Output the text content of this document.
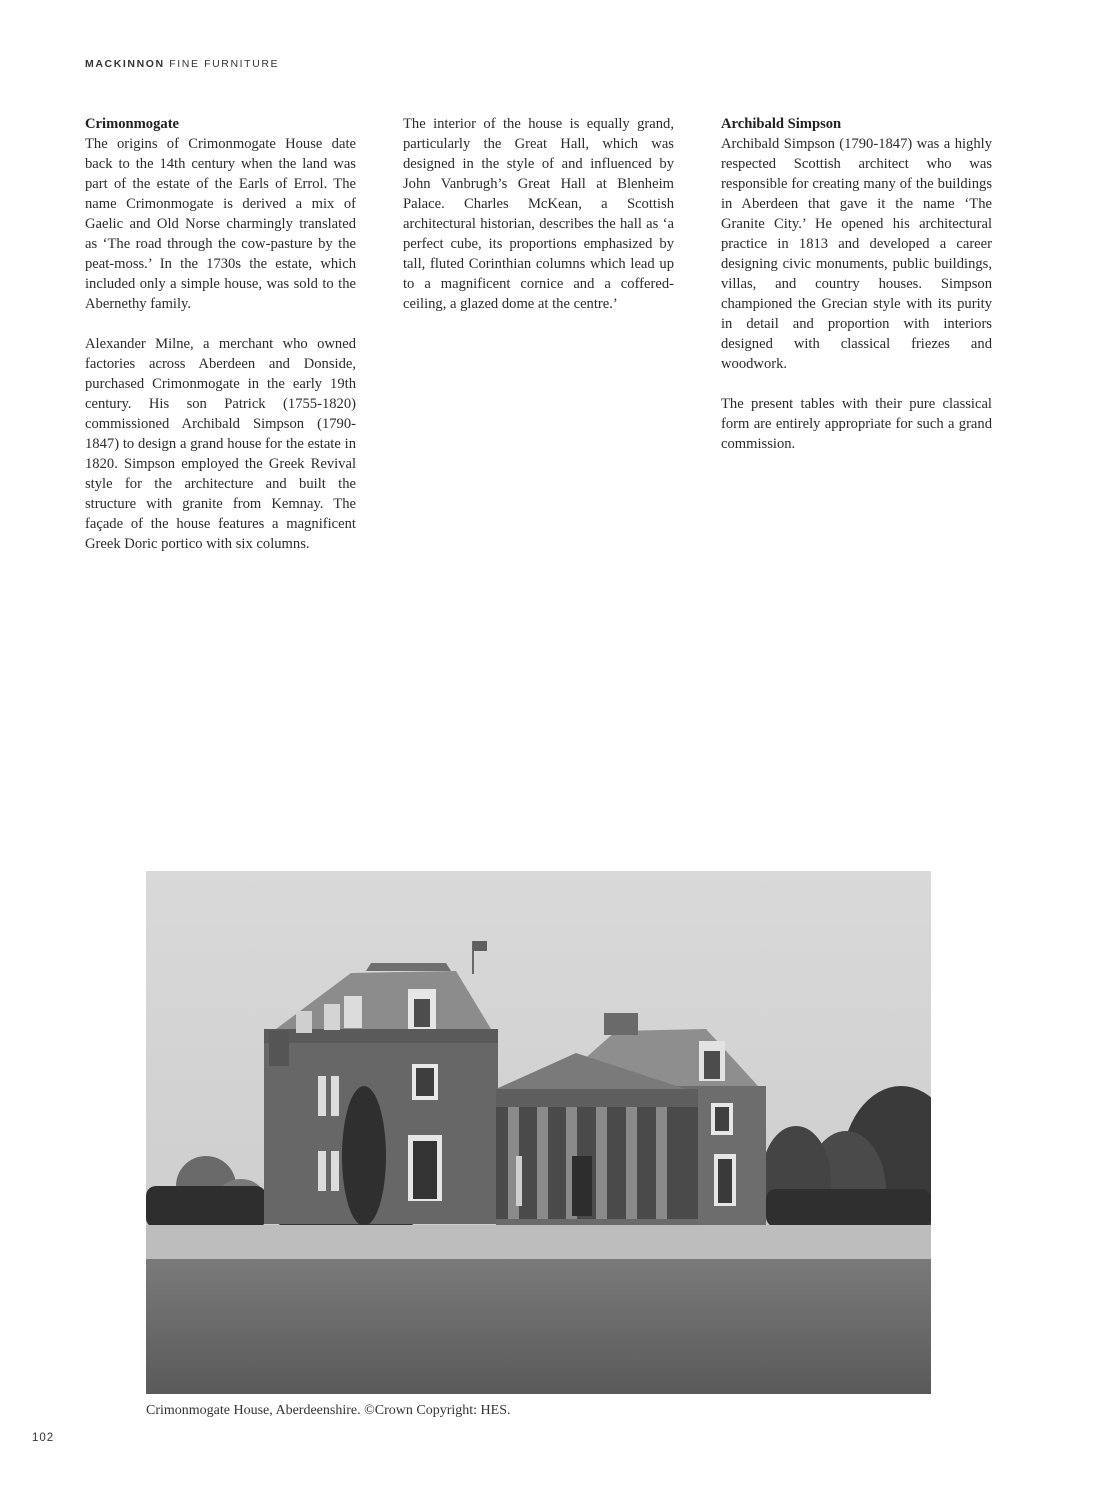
MACKINNON FINE FURNITURE
Crimonmogate

The origins of Crimonmogate House date back to the 14th century when the land was part of the estate of the Earls of Errol. The name Crimonmogate is derived a mix of Gaelic and Old Norse charmingly translated as ‘The road through the cow-pasture by the peat-moss.’ In the 1730s the estate, which included only a simple house, was sold to the Abernethy family.

Alexander Milne, a merchant who owned factories across Aberdeen and Donside, purchased Crimonmogate in the early 19th century. His son Patrick (1755-1820) commissioned Archibald Simpson (1790-1847) to design a grand house for the estate in 1820. Simpson employed the Greek Revival style for the architecture and built the structure with granite from Kemnay. The façade of the house features a magnificent Greek Doric portico with six columns.

The interior of the house is equally grand, particularly the Great Hall, which was designed in the style of and influenced by John Vanbrugh’s Great Hall at Blenheim Palace. Charles McKean, a Scottish architectural historian, describes the hall as ‘a perfect cube, its proportions emphasized by tall, fluted Corinthian columns which lead up to a magnificent cornice and a coffered-ceiling, a glazed dome at the centre.’

Archibald Simpson

Archibald Simpson (1790-1847) was a highly respected Scottish architect who was responsible for creating many of the buildings in Aberdeen that gave it the name ‘The Granite City.’ He opened his architectural practice in 1813 and developed a career designing civic monuments, public buildings, villas, and country houses. Simpson championed the Grecian style with its purity in detail and proportion with interiors designed with classical friezes and woodwork.

The present tables with their pure classical form are entirely appropriate for such a grand commission.

Crimonmogate House, Aberdeenshire. ©Crown Copyright: HES.
102
